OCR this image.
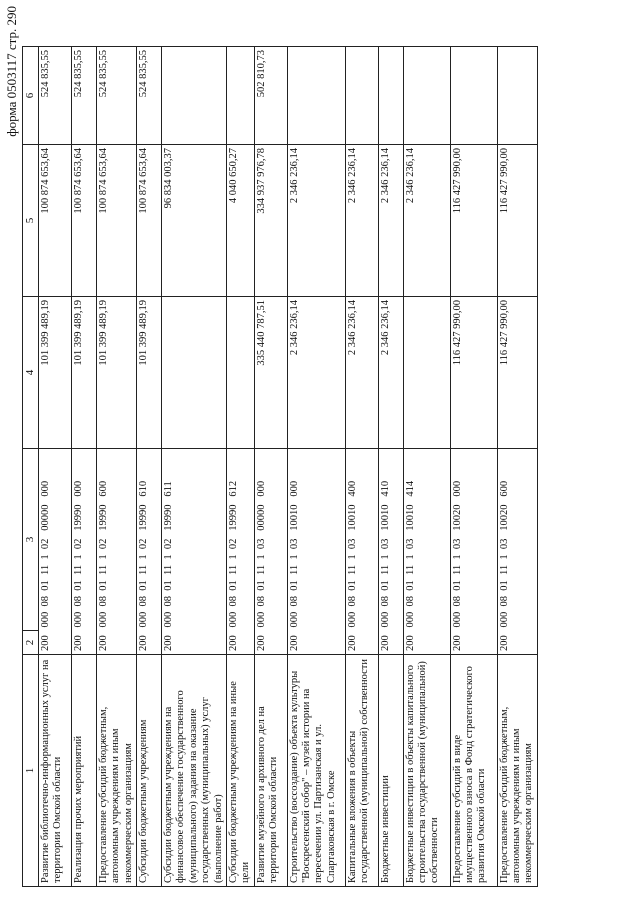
форма 0503117 стр. 290
1	2	3	4	5	6
Развитие библиотечно-информационных услуг на территории Омской области	200	000  08  01  11  1  02   00000   000	101 399 489,19	100 874 653,64	524 835,55
Реализация прочих мероприятий	200	000  08  01  11  1  02   19990   000	101 399 489,19	100 874 653,64	524 835,55
Предоставление субсидий бюджетным, автономным учреждениям и иным некоммерческим организациям	200	000  08  01  11  1  02   19990   600	101 399 489,19	100 874 653,64	524 835,55
Субсидии бюджетным учреждениям	200	000  08  01  11  1  02   19990   610	101 399 489,19	100 874 653,64	524 835,55
Субсидии бюджетным учреждениям на финансовое обеспечение государственного (муниципального) задания на оказание государственных (муниципальных) услуг (выполнение работ)	200	000  08  01  11  1  02   19990   611		96 834 003,37	
Субсидии бюджетным учреждениям на иные цели	200	000  08  01  11  1  02   19990   612		4 040 650,27	
Развитие музейного и архивного дел на территории Омской области	200	000  08  01  11  1  03   00000   000	335 440 787,51	334 937 976,78	502 810,73
Строительство (воссоздание) объекта культуры "Воскресенский собор" – музей истории на пересечении ул. Партизанская и ул. Спартаковская в г. Омске	200	000  08  01  11  1  03   10010   000	2 346 236,14	2 346 236,14	
Капитальные вложения в объекты государственной (муниципальной) собственности	200	000  08  01  11  1  03   10010   400	2 346 236,14	2 346 236,14	
Бюджетные инвестиции	200	000  08  01  11  1  03   10010   410	2 346 236,14	2 346 236,14	
Бюджетные инвестиции в объекты капитального строительства государственной (муниципальной) собственности	200	000  08  01  11  1  03   10010   414		2 346 236,14	
Предоставление субсидий в виде имущественного взноса в Фонд стратегического развития Омской области	200	000  08  01  11  1  03   10020   000	116 427 990,00	116 427 990,00	
Предоставление субсидий бюджетным, автономным учреждениям и иным некоммерческим организациям	200	000  08  01  11  1  03   10020   600	116 427 990,00	116 427 990,00	
